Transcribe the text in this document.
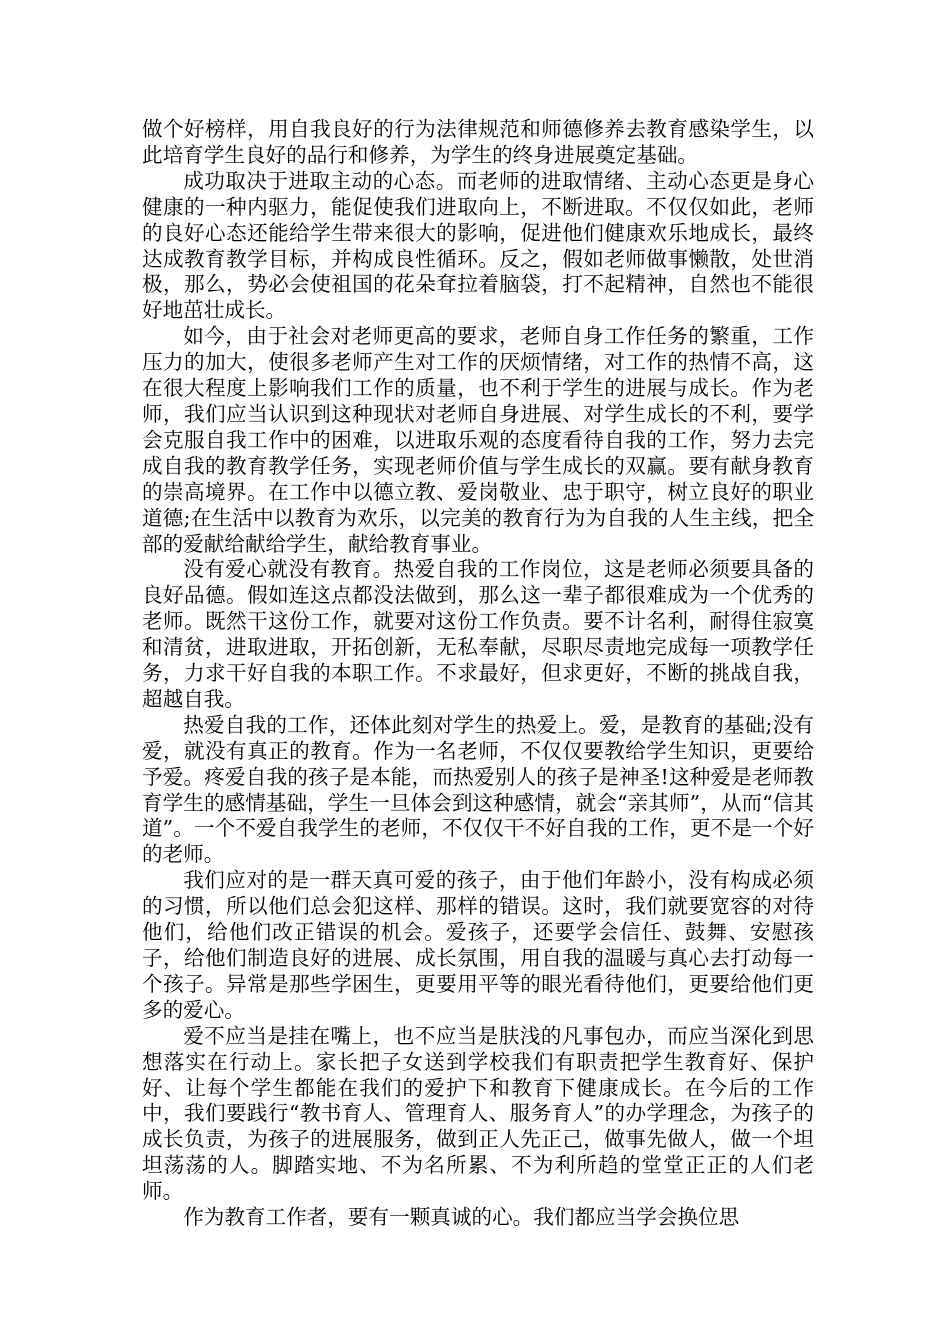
做个好榜样，用自我良好的行为法律规范和师德修养去教育感染学生，以此培育学生良好的品行和修养，为学生的终身进展奠定基础。

成功取决于进取主动的心态。而老师的进取情绪、主动心态更是身心健康的一种内驱力，能促使我们进取向上，不断进取。不仅仅如此，老师的良好心态还能给学生带来很大的影响，促进他们健康欢乐地成长，最终达成教育教学目标，并构成良性循环。反之，假如老师做事懒散，处世消极，那么，势必会使祖国的花朵耷拉着脑袋，打不起精神，自然也不能很好地茁壮成长。

如今，由于社会对老师更高的要求，老师自身工作任务的繁重，工作压力的加大，使很多老师产生对工作的厌烦情绪，对工作的热情不高，这在很大程度上影响我们工作的质量，也不利于学生的进展与成长。作为老师，我们应当认识到这种现状对老师自身进展、对学生成长的不利，要学会克服自我工作中的困难，以进取乐观的态度看待自我的工作，努力去完成自我的教育教学任务，实现老师价值与学生成长的双赢。要有献身教育的崇高境界。在工作中以德立教、爱岗敬业、忠于职守，树立良好的职业道德;在生活中以教育为欢乐，以完美的教育行为为自我的人生主线，把全部的爱献给献给学生，献给教育事业。

没有爱心就没有教育。热爱自我的工作岗位，这是老师必须要具备的良好品德。假如连这点都没法做到，那么这一辈子都很难成为一个优秀的老师。既然干这份工作，就要对这份工作负责。要不计名利，耐得住寂寞和清贫，进取进取，开拓创新，无私奉献，尽职尽责地完成每一项教学任务，力求干好自我的本职工作。不求最好，但求更好，不断的挑战自我，超越自我。

热爱自我的工作，还体此刻对学生的热爱上。爱，是教育的基础;没有爱，就没有真正的教育。作为一名老师，不仅仅要教给学生知识，更要给予爱。疼爱自我的孩子是本能，而热爱别人的孩子是神圣!这种爱是老师教育学生的感情基础，学生一旦体会到这种感情，就会“亲其师”，从而“信其道”。一个不爱自我学生的老师，不仅仅干不好自我的工作，更不是一个好的老师。

我们应对的是一群天真可爱的孩子，由于他们年龄小，没有构成必须的习惯，所以他们总会犯这样、那样的错误。这时，我们就要宽容的对待他们，给他们改正错误的机会。爱孩子，还要学会信任、鼓舞、安慰孩子，给他们制造良好的进展、成长氛围，用自我的温暖与真心去打动每一个孩子。异常是那些学困生，更要用平等的眼光看待他们，更要给他们更多的爱心。

爱不应当是挂在嘴上，也不应当是肤浅的凡事包办，而应当深化到思想落实在行动上。家长把子女送到学校我们有职责把学生教育好、保护好、让每个学生都能在我们的爱护下和教育下健康成长。在今后的工作中，我们要践行“教书育人、管理育人、服务育人”的办学理念，为孩子的成长负责，为孩子的进展服务，做到正人先正己，做事先做人，做一个坦坦荡荡的人。脚踏实地、不为名所累、不为利所趋的堂堂正正的人们老师。

作为教育工作者，要有一颗真诚的心。我们都应当学会换位思
